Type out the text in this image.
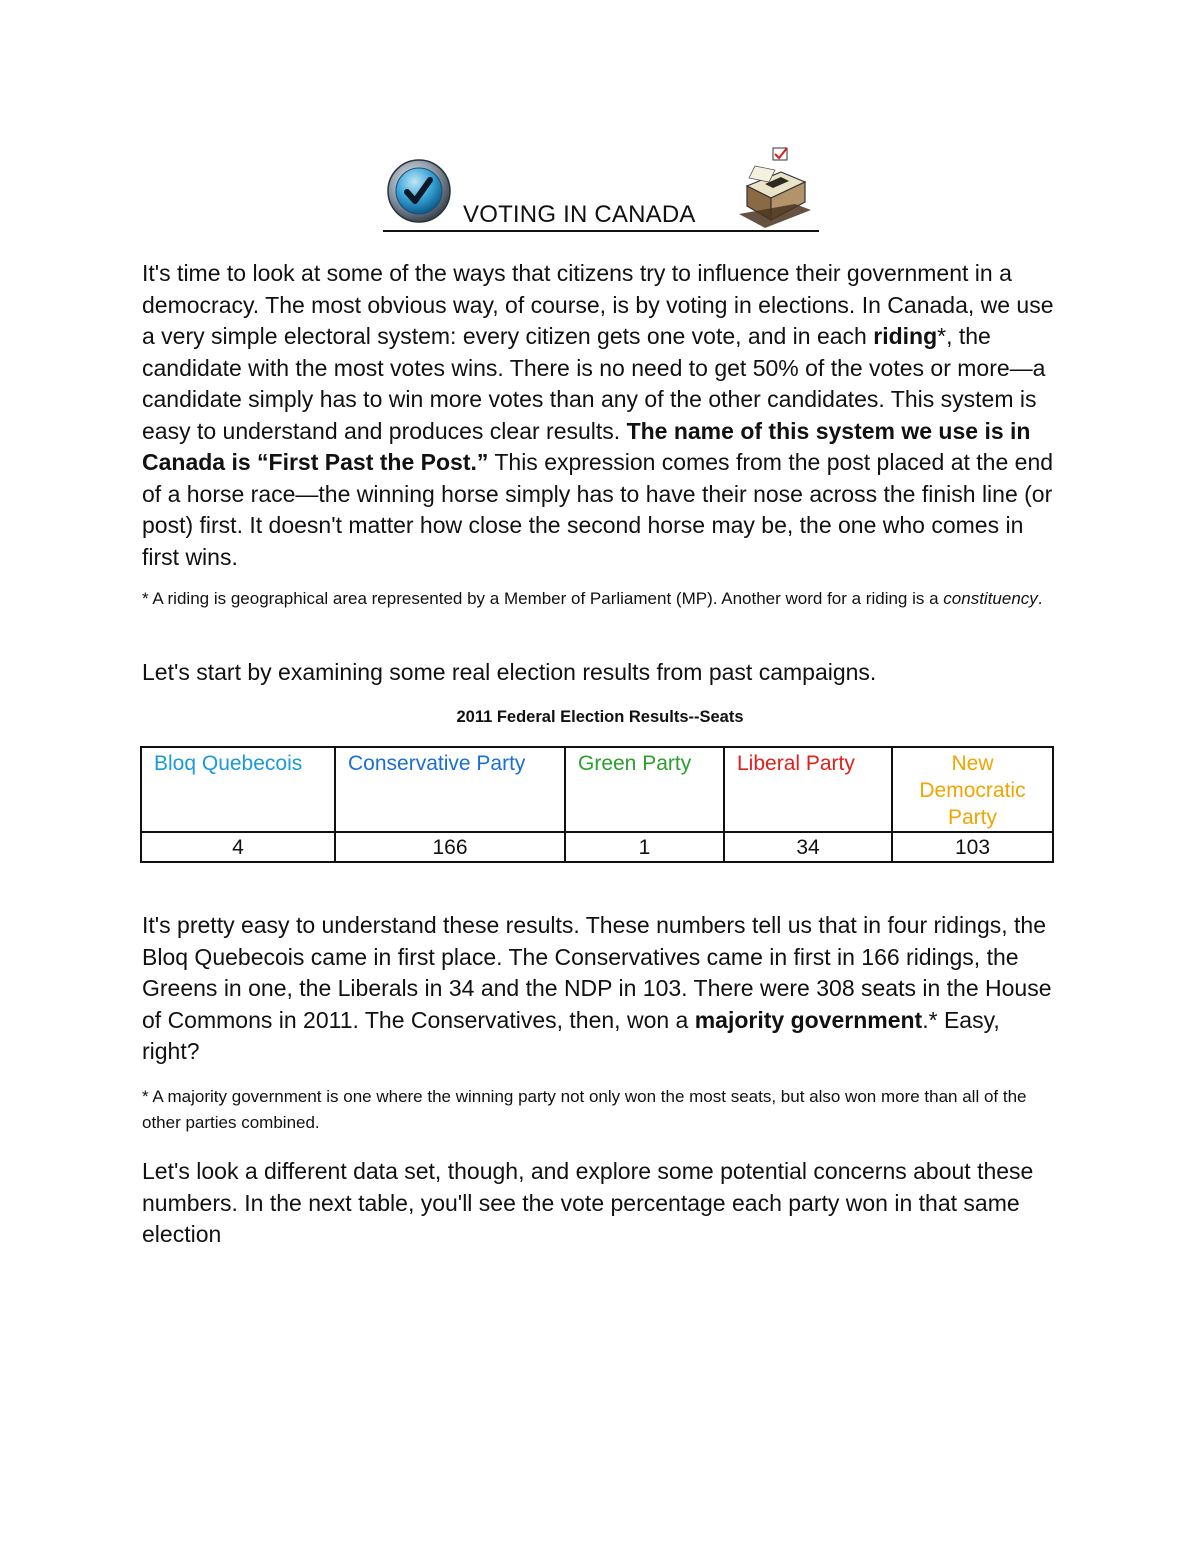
VOTING IN CANADA

It's time to look at some of the ways that citizens try to influence their government in a democracy. The most obvious way, of course, is by voting in elections. In Canada, we use a very simple electoral system: every citizen gets one vote, and in each riding*, the candidate with the most votes wins. There is no need to get 50% of the votes or more—a candidate simply has to win more votes than any of the other candidates. This system is easy to understand and produces clear results. The name of this system we use is in Canada is “First Past the Post.” This expression comes from the post placed at the end of a horse race—the winning horse simply has to have their nose across the finish line (or post) first. It doesn't matter how close the second horse may be, the one who comes in first wins.

* A riding is geographical area represented by a Member of Parliament (MP). Another word for a riding is a constituency.

Let's start by examining some real election results from past campaigns.

2011 Federal Election Results--Seats
Bloq Quebecois	Conservative Party	Green Party	Liberal Party	New Democratic Party
4	166	1	34	103

It's pretty easy to understand these results. These numbers tell us that in four ridings, the Bloq Quebecois came in first place. The Conservatives came in first in 166 ridings, the Greens in one, the Liberals in 34 and the NDP in 103. There were 308 seats in the House of Commons in 2011. The Conservatives, then, won a majority government.* Easy, right?

* A majority government is one where the winning party not only won the most seats, but also won more than all of the other parties combined.

Let's look a different data set, though, and explore some potential concerns about these numbers. In the next table, you'll see the vote percentage each party won in that same election
